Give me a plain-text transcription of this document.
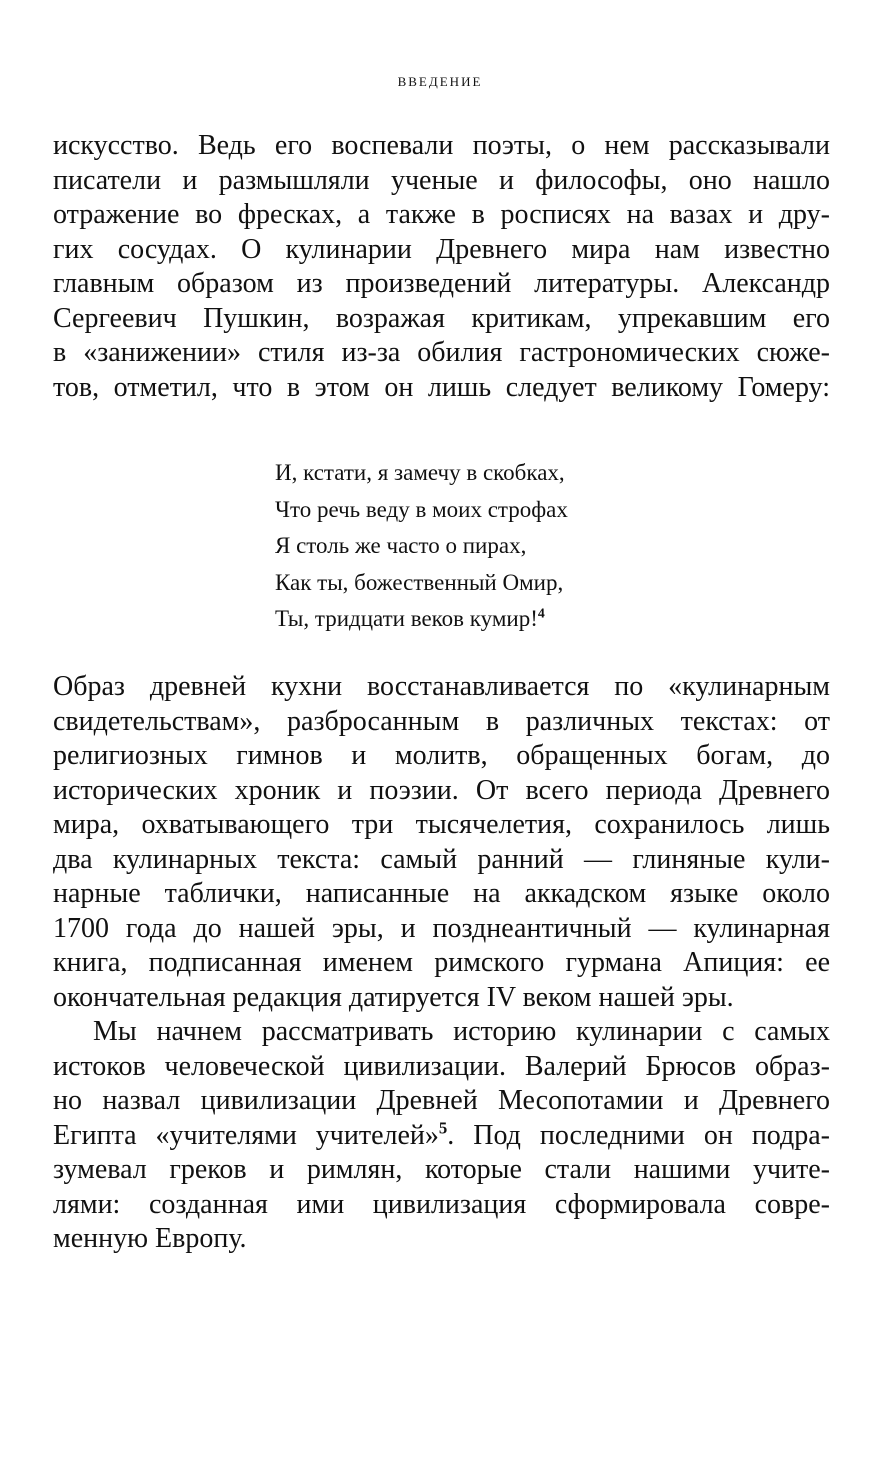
ВВЕДЕНИЕ
искусство. Ведь его воспевали поэты, о нем рассказывали
писатели и размышляли ученые и философы, оно нашло
отражение во фресках, а также в росписях на вазах и дру-
гих сосудах. О кулинарии Древнего мира нам известно
главным образом из произведений литературы. Александр
Сергеевич Пушкин, возражая критикам, упрекавшим его
в «занижении» стиля из-за обилия гастрономических сюже-
тов, отметил, что в этом он лишь следует великому Гомеру:
И, кстати, я замечу в скобках,
Что речь веду в моих строфах
Я столь же часто о пирах,
Как ты, божественный Омир,
Ты, тридцати веков кумир!$^4$
Образ древней кухни восстанавливается по «кулинарным
свидетельствам», разбросанным в различных текстах: от
религиозных гимнов и молитв, обращенных богам, до
исторических хроник и поэзии. От всего периода Древнего
мира, охватывающего три тысячелетия, сохранилось лишь
два кулинарных текста: самый ранний — глиняные кули-
нарные таблички, написанные на аккадском языке около
1700 года до нашей эры, и позднеантичный — кулинарная
книга, подписанная именем римского гурмана Апиция: ее
окончательная редакция датируется IV веком нашей эры.
Мы начнем рассматривать историю кулинарии с самых
истоков человеческой цивилизации. Валерий Брюсов образ-
но назвал цивилизации Древней Месопотамии и Древнего
Египта «учителями учителей»$^5$. Под последними он подра-
зумевал греков и римлян, которые стали нашими учите-
лями: созданная ими цивилизация сформировала совре-
менную Европу.
